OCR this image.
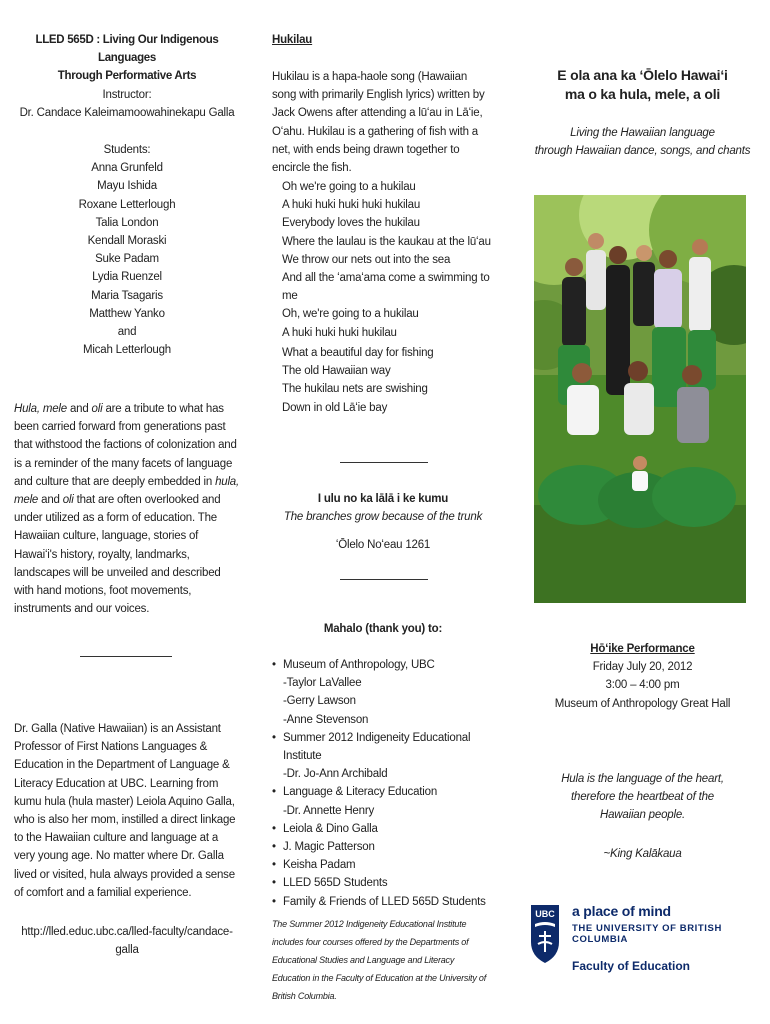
LLED 565D : Living Our Indigenous Languages
Through Performative Arts
Instructor:
Dr. Candace Kaleimamoowahinekapu Galla
Students:
Anna Grunfeld
Mayu Ishida
Roxane Letterlough
Talia London
Kendall Moraski
Suke Padam
Lydia Ruenzel
Maria Tsagaris
Matthew Yanko
and
Micah Letterlough
Hula, mele and oli are a tribute to what has been carried forward from generations past that withstood the factions of colonization and is a reminder of the many facets of language and culture that are deeply embedded in hula, mele and oli that are often overlooked and under utilized as a form of education. The Hawaiian culture, language, stories of Hawaiʻi's history, royalty, landmarks, landscapes will be unveiled and described with hand motions, foot movements, instruments and our voices.
Dr. Galla (Native Hawaiian) is an Assistant Professor of First Nations Languages & Education in the Department of Language & Literacy Education at UBC. Learning from kumu hula (hula master) Leiola Aquino Galla, who is also her mom, instilled a direct linkage to the Hawaiian culture and language at a very young age. No matter where Dr. Galla lived or visited, hula always provided a sense of comfort and a familial experience.
http://lled.educ.ubc.ca/lled-faculty/candace-galla
Hukilau
Hukilau is a hapa-haole song (Hawaiian song with primarily English lyrics) written by Jack Owens after attending a lūʻau in Lāʻie, Oʻahu. Hukilau is a gathering of fish with a net, with ends being drawn together to encircle the fish.
Oh we're going to a hukilau
A huki huki huki huki hukilau
Everybody loves the hukilau
Where the laulau is the kaukau at the lūʻau
We throw our nets out into the sea
And all the ʻamaʻama come a swimming to me
Oh, we're going to a hukilau
A huki huki huki hukilau
What a beautiful day for fishing
The old Hawaiian way
The hukilau nets are swishing
Down in old Lāʻie bay
I ulu no ka lālā i ke kumu
The branches grow because of the trunk
ʻŌlelo Noʻeau 1261
Mahalo (thank you) to:
• Museum of Anthropology, UBC
-Taylor LaVallee
-Gerry Lawson
-Anne Stevenson
• Summer 2012 Indigeneity Educational Institute
-Dr. Jo-Ann Archibald
• Language & Literacy Education
-Dr. Annette Henry
• Leiola & Dino Galla
• J. Magic Patterson
• Keisha Padam
• LLED 565D Students
• Family & Friends of LLED 565D Students
The Summer 2012 Indigeneity Educational Institute includes four courses offered by the Departments of Educational Studies and Language and Literacy Education in the Faculty of Education at the University of British Columbia.
E ola ana ka ʻŌlelo Hawaiʻi
ma o ka hula, mele, a oli
Living the Hawaiian language
through Hawaiian dance, songs, and chants
Hōʻike Performance
Friday July 20, 2012
3:00 – 4:00 pm
Museum of Anthropology Great Hall
Hula is the language of the heart, therefore the heartbeat of the Hawaiian people.
~King Kalākaua
UBC a place of mind
THE UNIVERSITY OF BRITISH COLUMBIA
Faculty of Education
